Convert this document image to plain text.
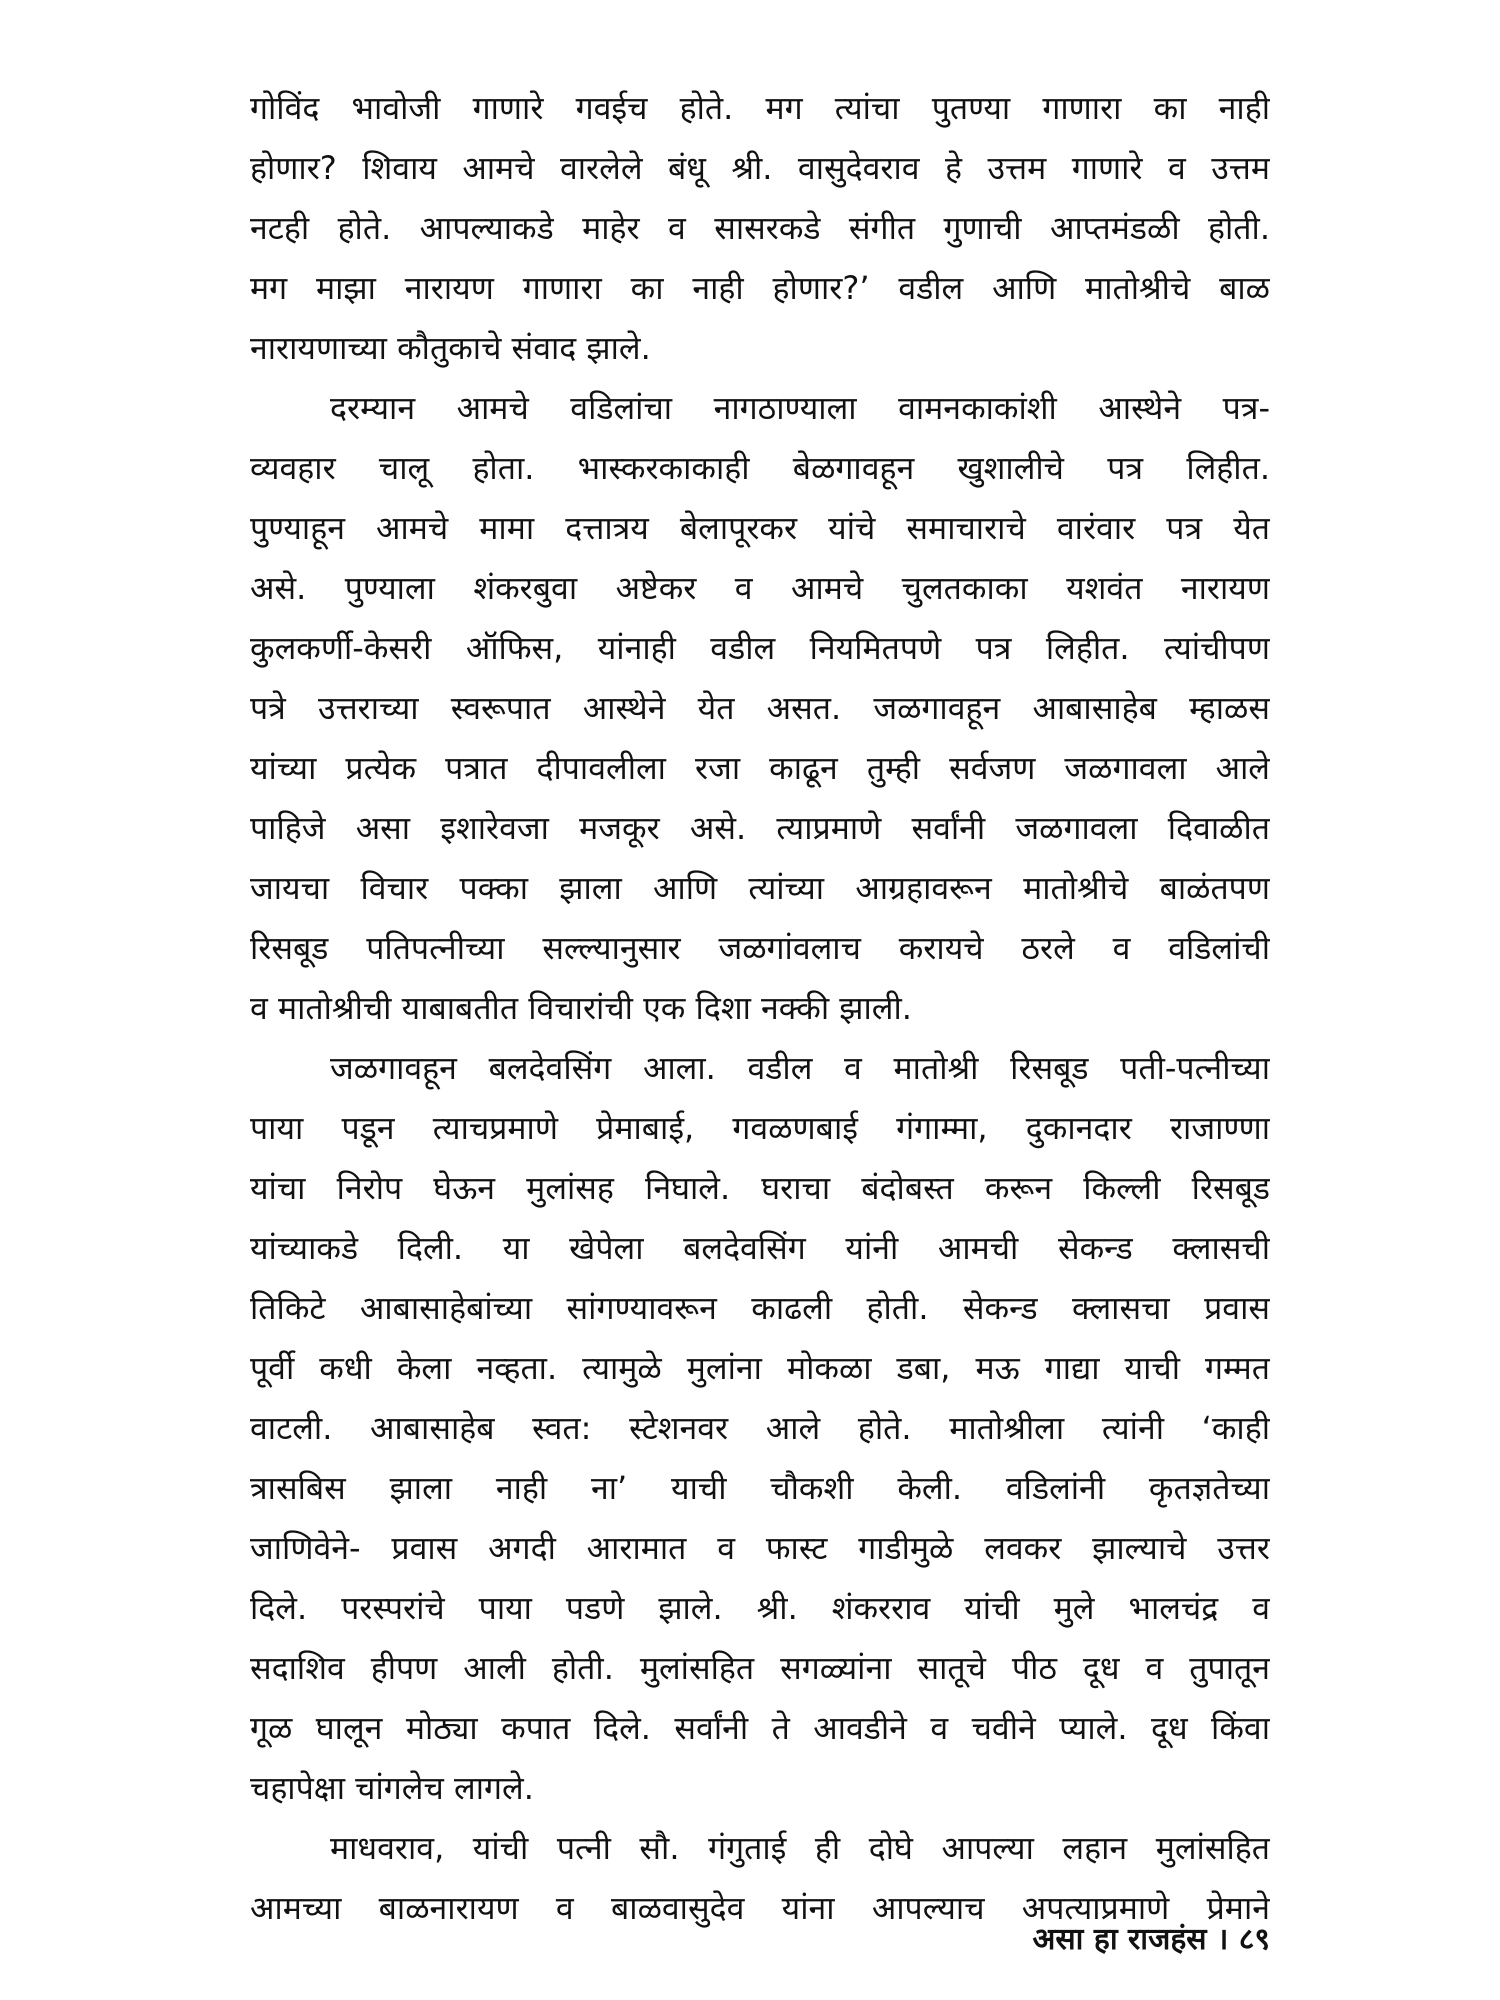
गोविंद भावोजी गाणारे गवईच होते. मग त्यांचा पुतण्या गाणारा का नाही
होणार? शिवाय आमचे वारलेले बंधू श्री. वासुदेवराव हे उत्तम गाणारे व उत्तम
नटही होते. आपल्याकडे माहेर व सासरकडे संगीत गुणाची आप्तमंडळी होती.
मग माझा नारायण गाणारा का नाही होणार?’ वडील आणि मातोश्रीचे बाळ
नारायणाच्या कौतुकाचे संवाद झाले.
दरम्यान आमचे वडिलांचा नागठाण्याला वामनकाकांशी आस्थेने पत्र-
व्यवहार चालू होता. भास्करकाकाही बेळगावहून खुशालीचे पत्र लिहीत.
पुण्याहून आमचे मामा दत्तात्रय बेलापूरकर यांचे समाचाराचे वारंवार पत्र येत
असे. पुण्याला शंकरबुवा अष्टेकर व आमचे चुलतकाका यशवंत नारायण
कुलकर्णी-केसरी ऑफिस, यांनाही वडील नियमितपणे पत्र लिहीत. त्यांचीपण
पत्रे उत्तराच्या स्वरूपात आस्थेने येत असत. जळगावहून आबासाहेब म्हाळस
यांच्या प्रत्येक पत्रात दीपावलीला रजा काढून तुम्ही सर्वजण जळगावला आले
पाहिजे असा इशारेवजा मजकूर असे. त्याप्रमाणे सर्वांनी जळगावला दिवाळीत
जायचा विचार पक्का झाला आणि त्यांच्या आग्रहावरून मातोश्रीचे बाळंतपण
रिसबूड पतिपत्नीच्या सल्ल्यानुसार जळगांवलाच करायचे ठरले व वडिलांची
व मातोश्रीची याबाबतीत विचारांची एक दिशा नक्की झाली.
जळगावहून बलदेवसिंग आला. वडील व मातोश्री रिसबूड पती-पत्नीच्या
पाया पडून त्याचप्रमाणे प्रेमाबाई, गवळणबाई गंगाम्मा, दुकानदार राजाण्णा
यांचा निरोप घेऊन मुलांसह निघाले. घराचा बंदोबस्त करून किल्ली रिसबूड
यांच्याकडे दिली. या खेपेला बलदेवसिंग यांनी आमची सेकन्ड क्लासची
तिकिटे आबासाहेबांच्या सांगण्यावरून काढली होती. सेकन्ड क्लासचा प्रवास
पूर्वी कधी केला नव्हता. त्यामुळे मुलांना मोकळा डबा, मऊ गाद्या याची गम्मत
वाटली. आबासाहेब स्वत: स्टेशनवर आले होते. मातोश्रीला त्यांनी ‘काही
त्रासबिस झाला नाही ना’ याची चौकशी केली. वडिलांनी कृतज्ञतेच्या
जाणिवेने- प्रवास अगदी आरामात व फास्ट गाडीमुळे लवकर झाल्याचे उत्तर
दिले. परस्परांचे पाया पडणे झाले. श्री. शंकरराव यांची मुले भालचंद्र व
सदाशिव हीपण आली होती. मुलांसहित सगळ्यांना सातूचे पीठ दूध व तुपातून
गूळ घालून मोठ्या कपात दिले. सर्वांनी ते आवडीने व चवीने प्याले. दूध किंवा
चहापेक्षा चांगलेच लागले.
माधवराव, यांची पत्नी सौ. गंगुताई ही दोघे आपल्या लहान मुलांसहित
आमच्या बाळनारायण व बाळवासुदेव यांना आपल्याच अपत्याप्रमाणे प्रेमाने
असा हा राजहंस । ८९
